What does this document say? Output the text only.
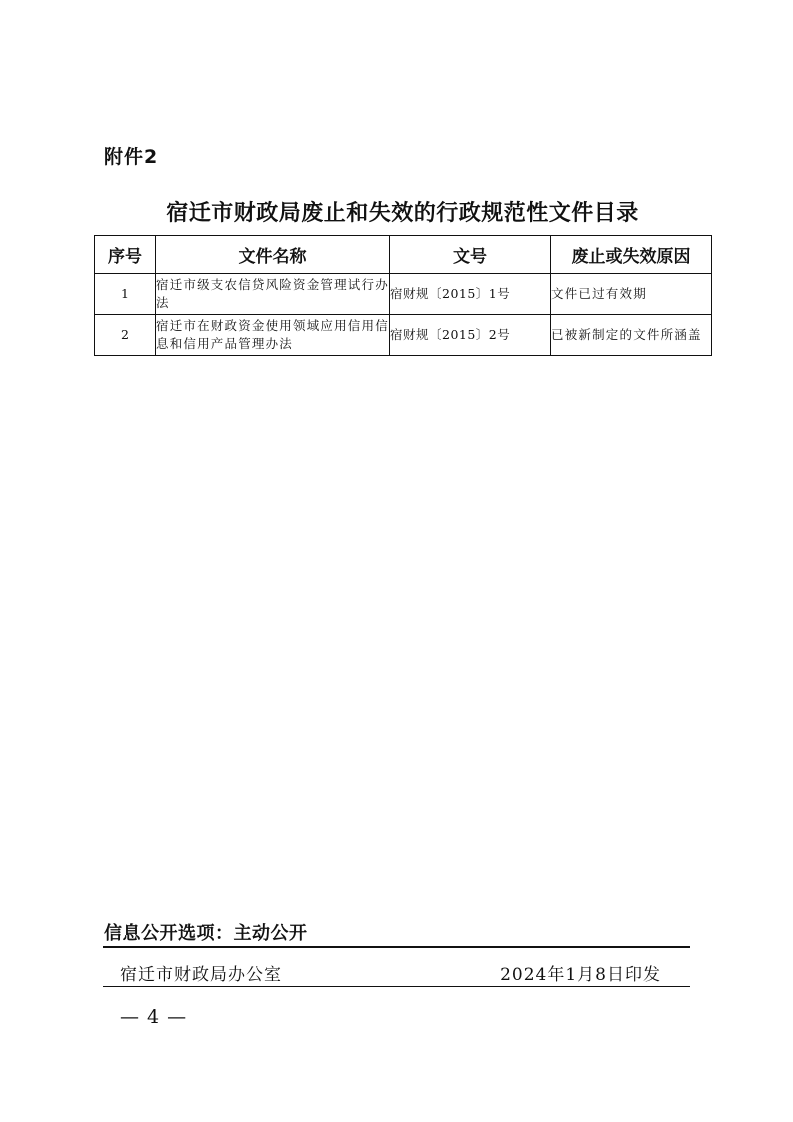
附件2
宿迁市财政局废止和失效的行政规范性文件目录
序号	文件名称	文号	废止或失效原因
1	宿迁市级支农信贷风险资金管理试行办法	宿财规〔2015〕1号	文件已过有效期
2	宿迁市在财政资金使用领域应用信用信息和信用产品管理办法	宿财规〔2015〕2号	已被新制定的文件所涵盖
信息公开选项：主动公开
宿迁市财政局办公室	2024年1月8日印发
— 4 —
